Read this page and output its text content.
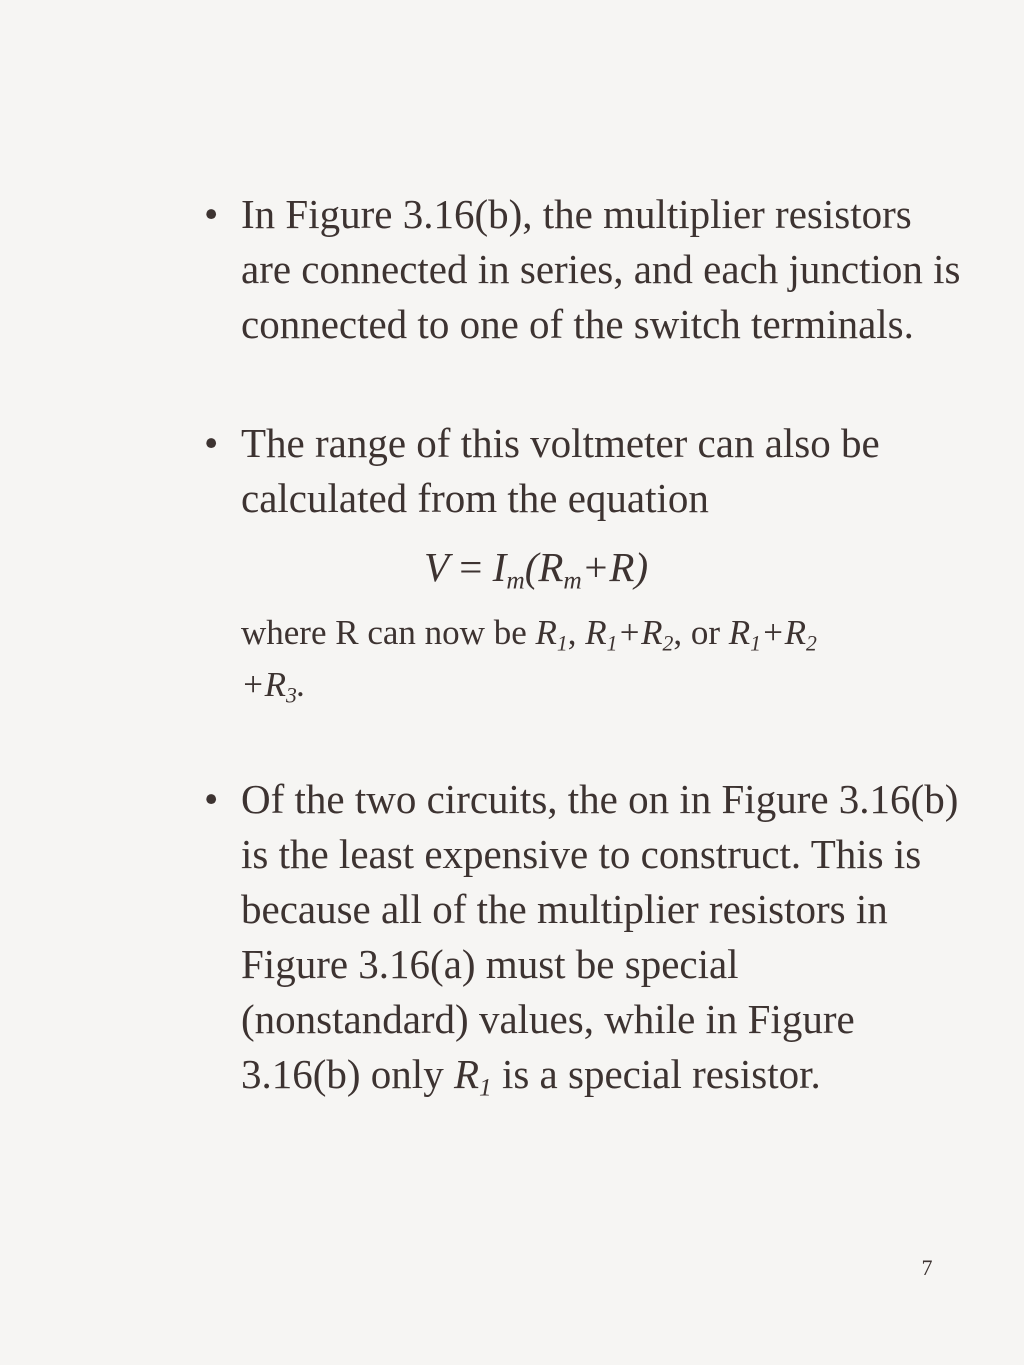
• In Figure 3.16(b), the multiplier resistors are connected in series, and each junction is connected to one of the switch terminals.
• The range of this voltmeter can also be calculated from the equation
$V = I_m(R_m+R)$
where R can now be $R_1$, $R_1+R_2$, or $R_1+R_2$
$+R_3$.
• Of the two circuits, the on in Figure 3.16(b) is the least expensive to construct. This is because all of the multiplier resistors in Figure 3.16(a) must be special (nonstandard) values, while in Figure 3.16(b) only $R_1$ is a special resistor.
7
